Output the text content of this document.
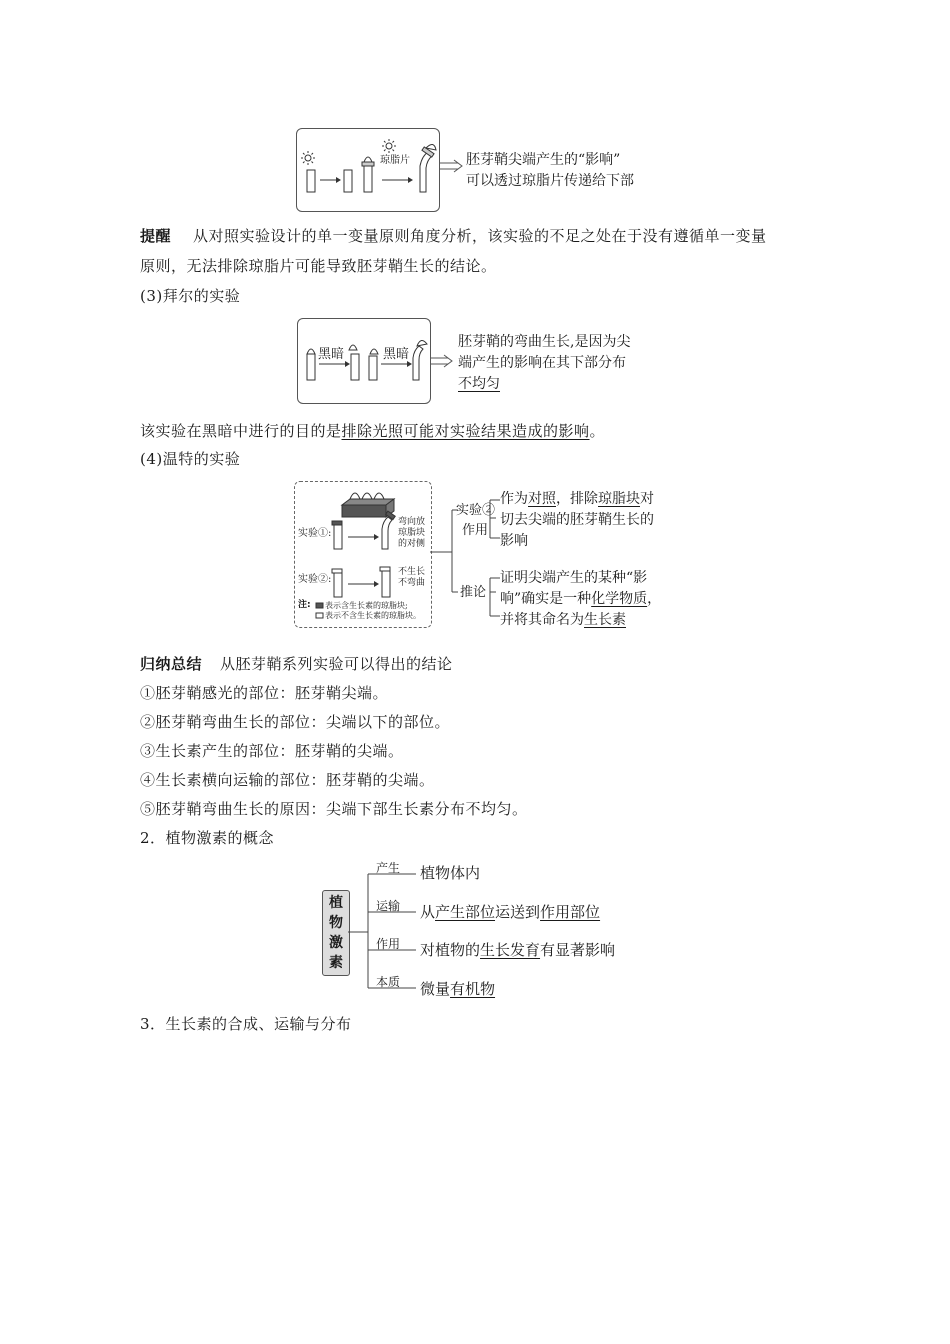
琼脂片	胚芽鞘尖端产生的“影响”
可以透过琼脂片传递给下部
提醒 从对照实验设计的单一变量原则角度分析，该实验的不足之处在于没有遵循单一变量
原则，无法排除琼脂片可能导致胚芽鞘生长的结论。
(3)拜尔的实验
黑暗	黑暗
胚芽鞘的弯曲生长,是因为尖
端产生的影响在其下部分布
不均匀
该实验在黑暗中进行的目的是排除光照可能对实验结果造成的影响。
(4)温特的实验
实验①:
弯向放
琼脂块
的对侧
实验②:
不生长
不弯曲
注: 表示含生长素的琼脂块;
表示不含生长素的琼脂块。
实验②
作用
推论
作为对照，排除琼脂块对
切去尖端的胚芽鞘生长的
影响
证明尖端产生的某种“影
响”确实是一种化学物质，
并将其命名为生长素
归纳总结 从胚芽鞘系列实验可以得出的结论
①胚芽鞘感光的部位：胚芽鞘尖端。
②胚芽鞘弯曲生长的部位：尖端以下的部位。
③生长素产生的部位：胚芽鞘的尖端。
④生长素横向运输的部位：胚芽鞘的尖端。
⑤胚芽鞘弯曲生长的原因：尖端下部生长素分布不均匀。
2．植物激素的概念
植
物
激
素
产生
运输
作用
本质
植物体内
从产生部位运送到作用部位
对植物的生长发育有显著影响
微量有机物
3．生长素的合成、运输与分布
